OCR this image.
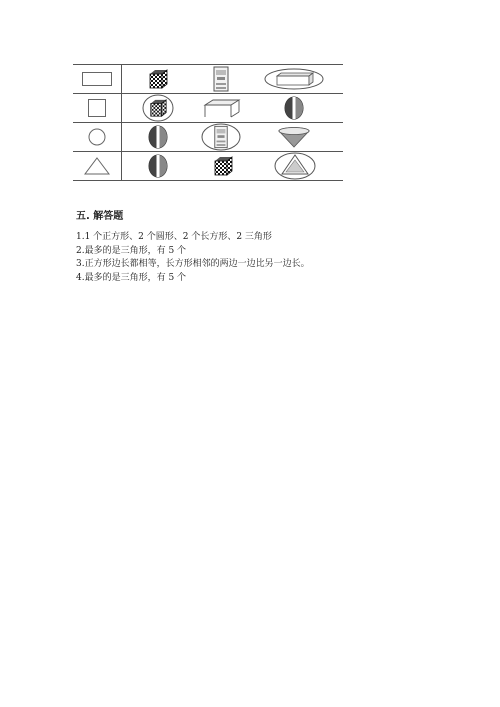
五. 解答题
1.1 个正方形、2 个圆形、2 个长方形、2 三角形
2.最多的是三角形，有 5 个
3.正方形边长都相等，长方形相邻的两边一边比另一边长。
4.最多的是三角形，有 5 个
